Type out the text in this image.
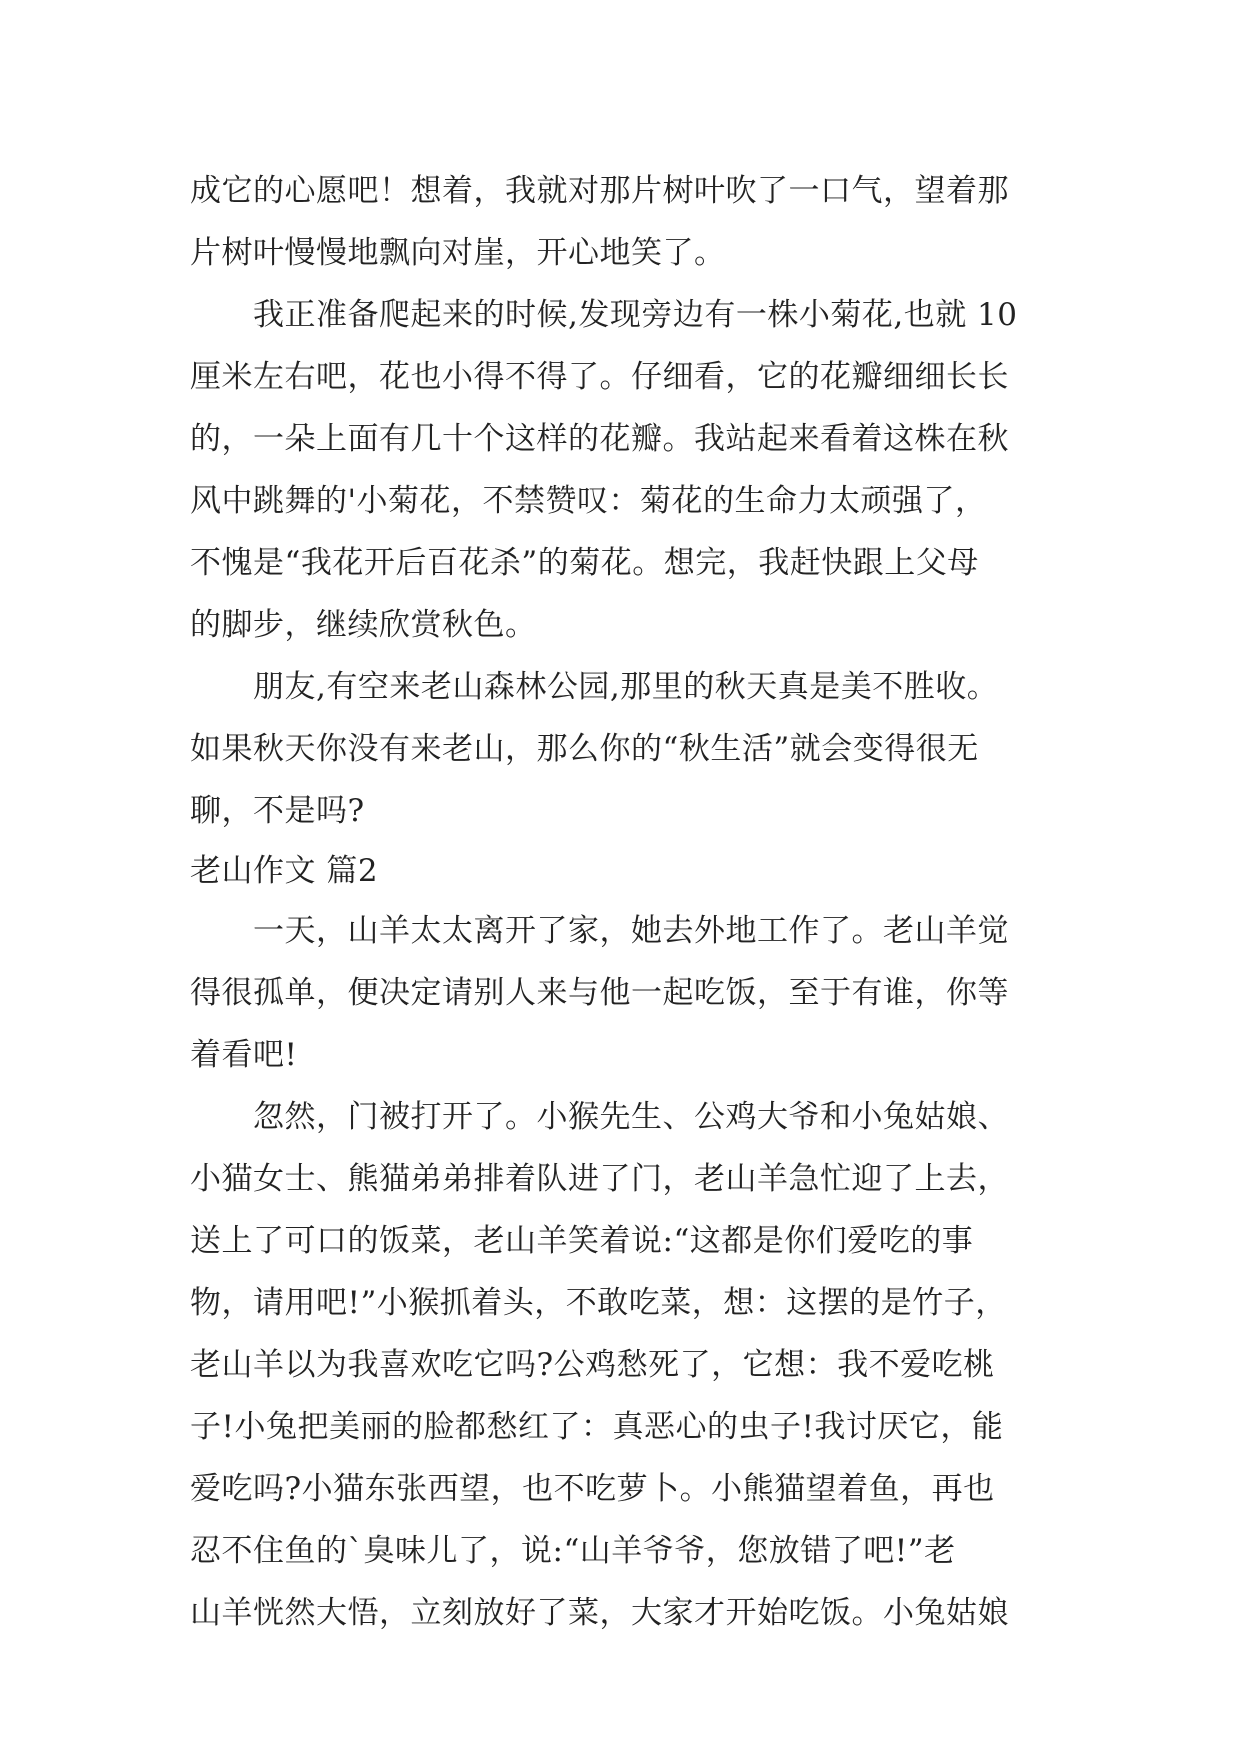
成它的心愿吧！想着，我就对那片树叶吹了一口气，望着那
片树叶慢慢地飘向对崖，开心地笑了。
　　我正准备爬起来的时候,发现旁边有一株小菊花,也就 10
厘米左右吧，花也小得不得了。仔细看，它的花瓣细细长长
的，一朵上面有几十个这样的花瓣。我站起来看着这株在秋
风中跳舞的'小菊花，不禁赞叹：菊花的生命力太顽强了，
不愧是“我花开后百花杀”的菊花。想完，我赶快跟上父母
的脚步，继续欣赏秋色。
　　朋友,有空来老山森林公园,那里的秋天真是美不胜收。
如果秋天你没有来老山，那么你的“秋生活”就会变得很无
聊，不是吗?
老山作文 篇2
　　一天，山羊太太离开了家，她去外地工作了。老山羊觉
得很孤单，便决定请别人来与他一起吃饭，至于有谁，你等
着看吧!
　　忽然，门被打开了。小猴先生、公鸡大爷和小兔姑娘、
小猫女士、熊猫弟弟排着队进了门，老山羊急忙迎了上去，
送上了可口的饭菜，老山羊笑着说:“这都是你们爱吃的事
物，请用吧!”小猴抓着头，不敢吃菜，想：这摆的是竹子，
老山羊以为我喜欢吃它吗?公鸡愁死了，它想：我不爱吃桃
子!小兔把美丽的脸都愁红了：真恶心的虫子!我讨厌它，能
爱吃吗?小猫东张西望，也不吃萝卜。小熊猫望着鱼，再也
忍不住鱼的`臭味儿了，说:“山羊爷爷，您放错了吧!”老
山羊恍然大悟，立刻放好了菜，大家才开始吃饭。小兔姑娘
